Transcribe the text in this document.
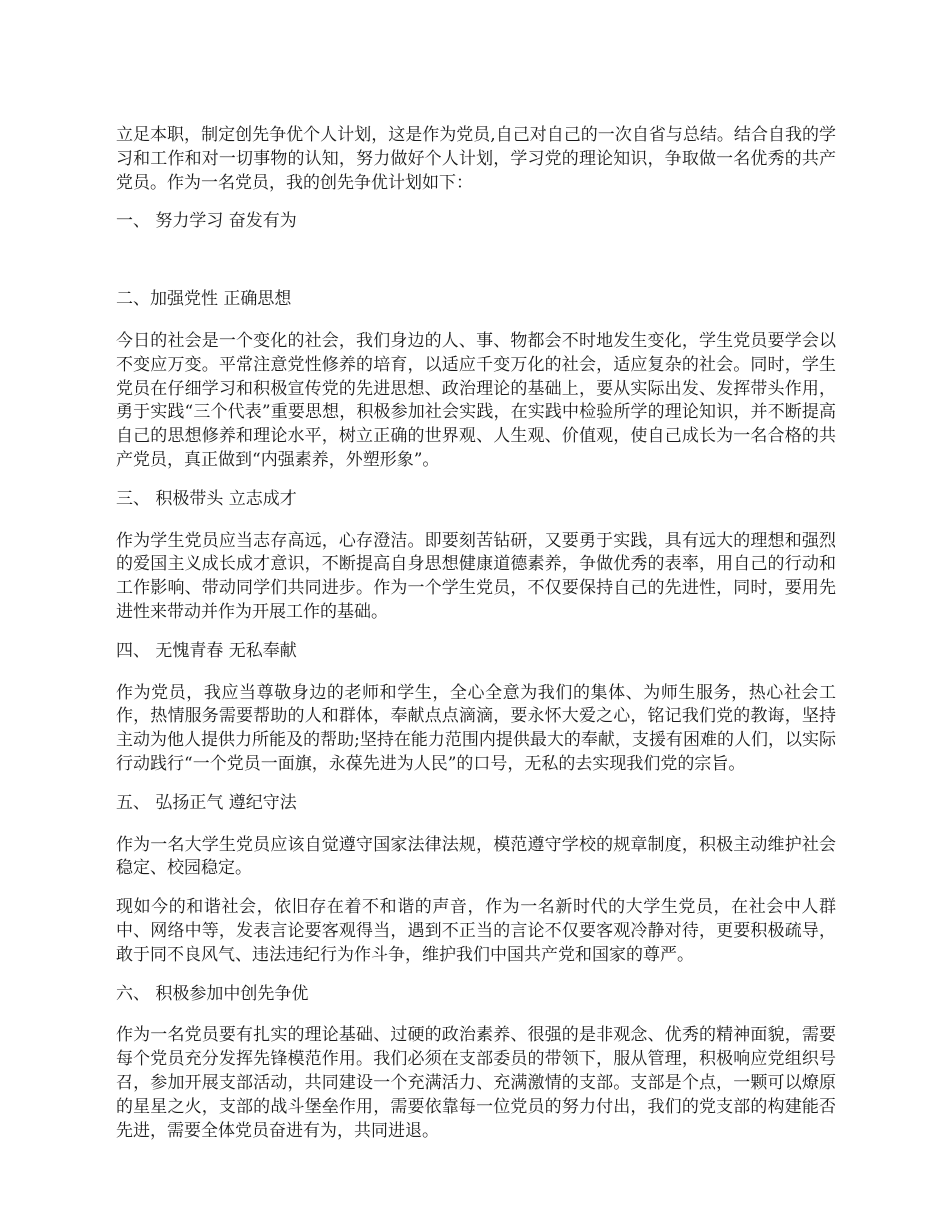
立足本职，制定创先争优个人计划，这是作为党员,自己对自己的一次自省与总结。结合自我的学习和工作和对一切事物的认知，努力做好个人计划，学习党的理论知识，争取做一名优秀的共产党员。作为一名党员，我的创先争优计划如下：

一、 努力学习 奋发有为

二、加强党性 正确思想

今日的社会是一个变化的社会，我们身边的人、事、物都会不时地发生变化，学生党员要学会以不变应万变。平常注意党性修养的培育，以适应千变万化的社会，适应复杂的社会。同时，学生党员在仔细学习和积极宣传党的先进思想、政治理论的基础上，要从实际出发、发挥带头作用，勇于实践“三个代表”重要思想，积极参加社会实践，在实践中检验所学的理论知识，并不断提高自己的思想修养和理论水平，树立正确的世界观、人生观、价值观，使自己成长为一名合格的共产党员，真正做到“内强素养，外塑形象”。

三、 积极带头 立志成才

作为学生党员应当志存高远，心存澄洁。即要刻苦钻研，又要勇于实践，具有远大的理想和强烈的爱国主义成长成才意识，不断提高自身思想健康道德素养，争做优秀的表率，用自己的行动和工作影响、带动同学们共同进步。作为一个学生党员，不仅要保持自己的先进性，同时，要用先进性来带动并作为开展工作的基础。

四、 无愧青春 无私奉献

作为党员，我应当尊敬身边的老师和学生，全心全意为我们的集体、为师生服务，热心社会工作，热情服务需要帮助的人和群体，奉献点点滴滴，要永怀大爱之心，铭记我们党的教诲，坚持主动为他人提供力所能及的帮助;坚持在能力范围内提供最大的奉献，支援有困难的人们，以实际行动践行“一个党员一面旗，永葆先进为人民”的口号，无私的去实现我们党的宗旨。

五、 弘扬正气 遵纪守法

作为一名大学生党员应该自觉遵守国家法律法规，模范遵守学校的规章制度，积极主动维护社会稳定、校园稳定。

现如今的和谐社会，依旧存在着不和谐的声音，作为一名新时代的大学生党员，在社会中人群中、网络中等，发表言论要客观得当，遇到不正当的言论不仅要客观冷静对待，更要积极疏导，敢于同不良风气、违法违纪行为作斗争，维护我们中国共产党和国家的尊严。

六、 积极参加中创先争优

作为一名党员要有扎实的理论基础、过硬的政治素养、很强的是非观念、优秀的精神面貌，需要每个党员充分发挥先锋模范作用。我们必须在支部委员的带领下，服从管理，积极响应党组织号召，参加开展支部活动，共同建设一个充满活力、充满激情的支部。支部是个点，一颗可以燎原的星星之火，支部的战斗堡垒作用，需要依靠每一位党员的努力付出，我们的党支部的构建能否先进，需要全体党员奋进有为，共同进退。
